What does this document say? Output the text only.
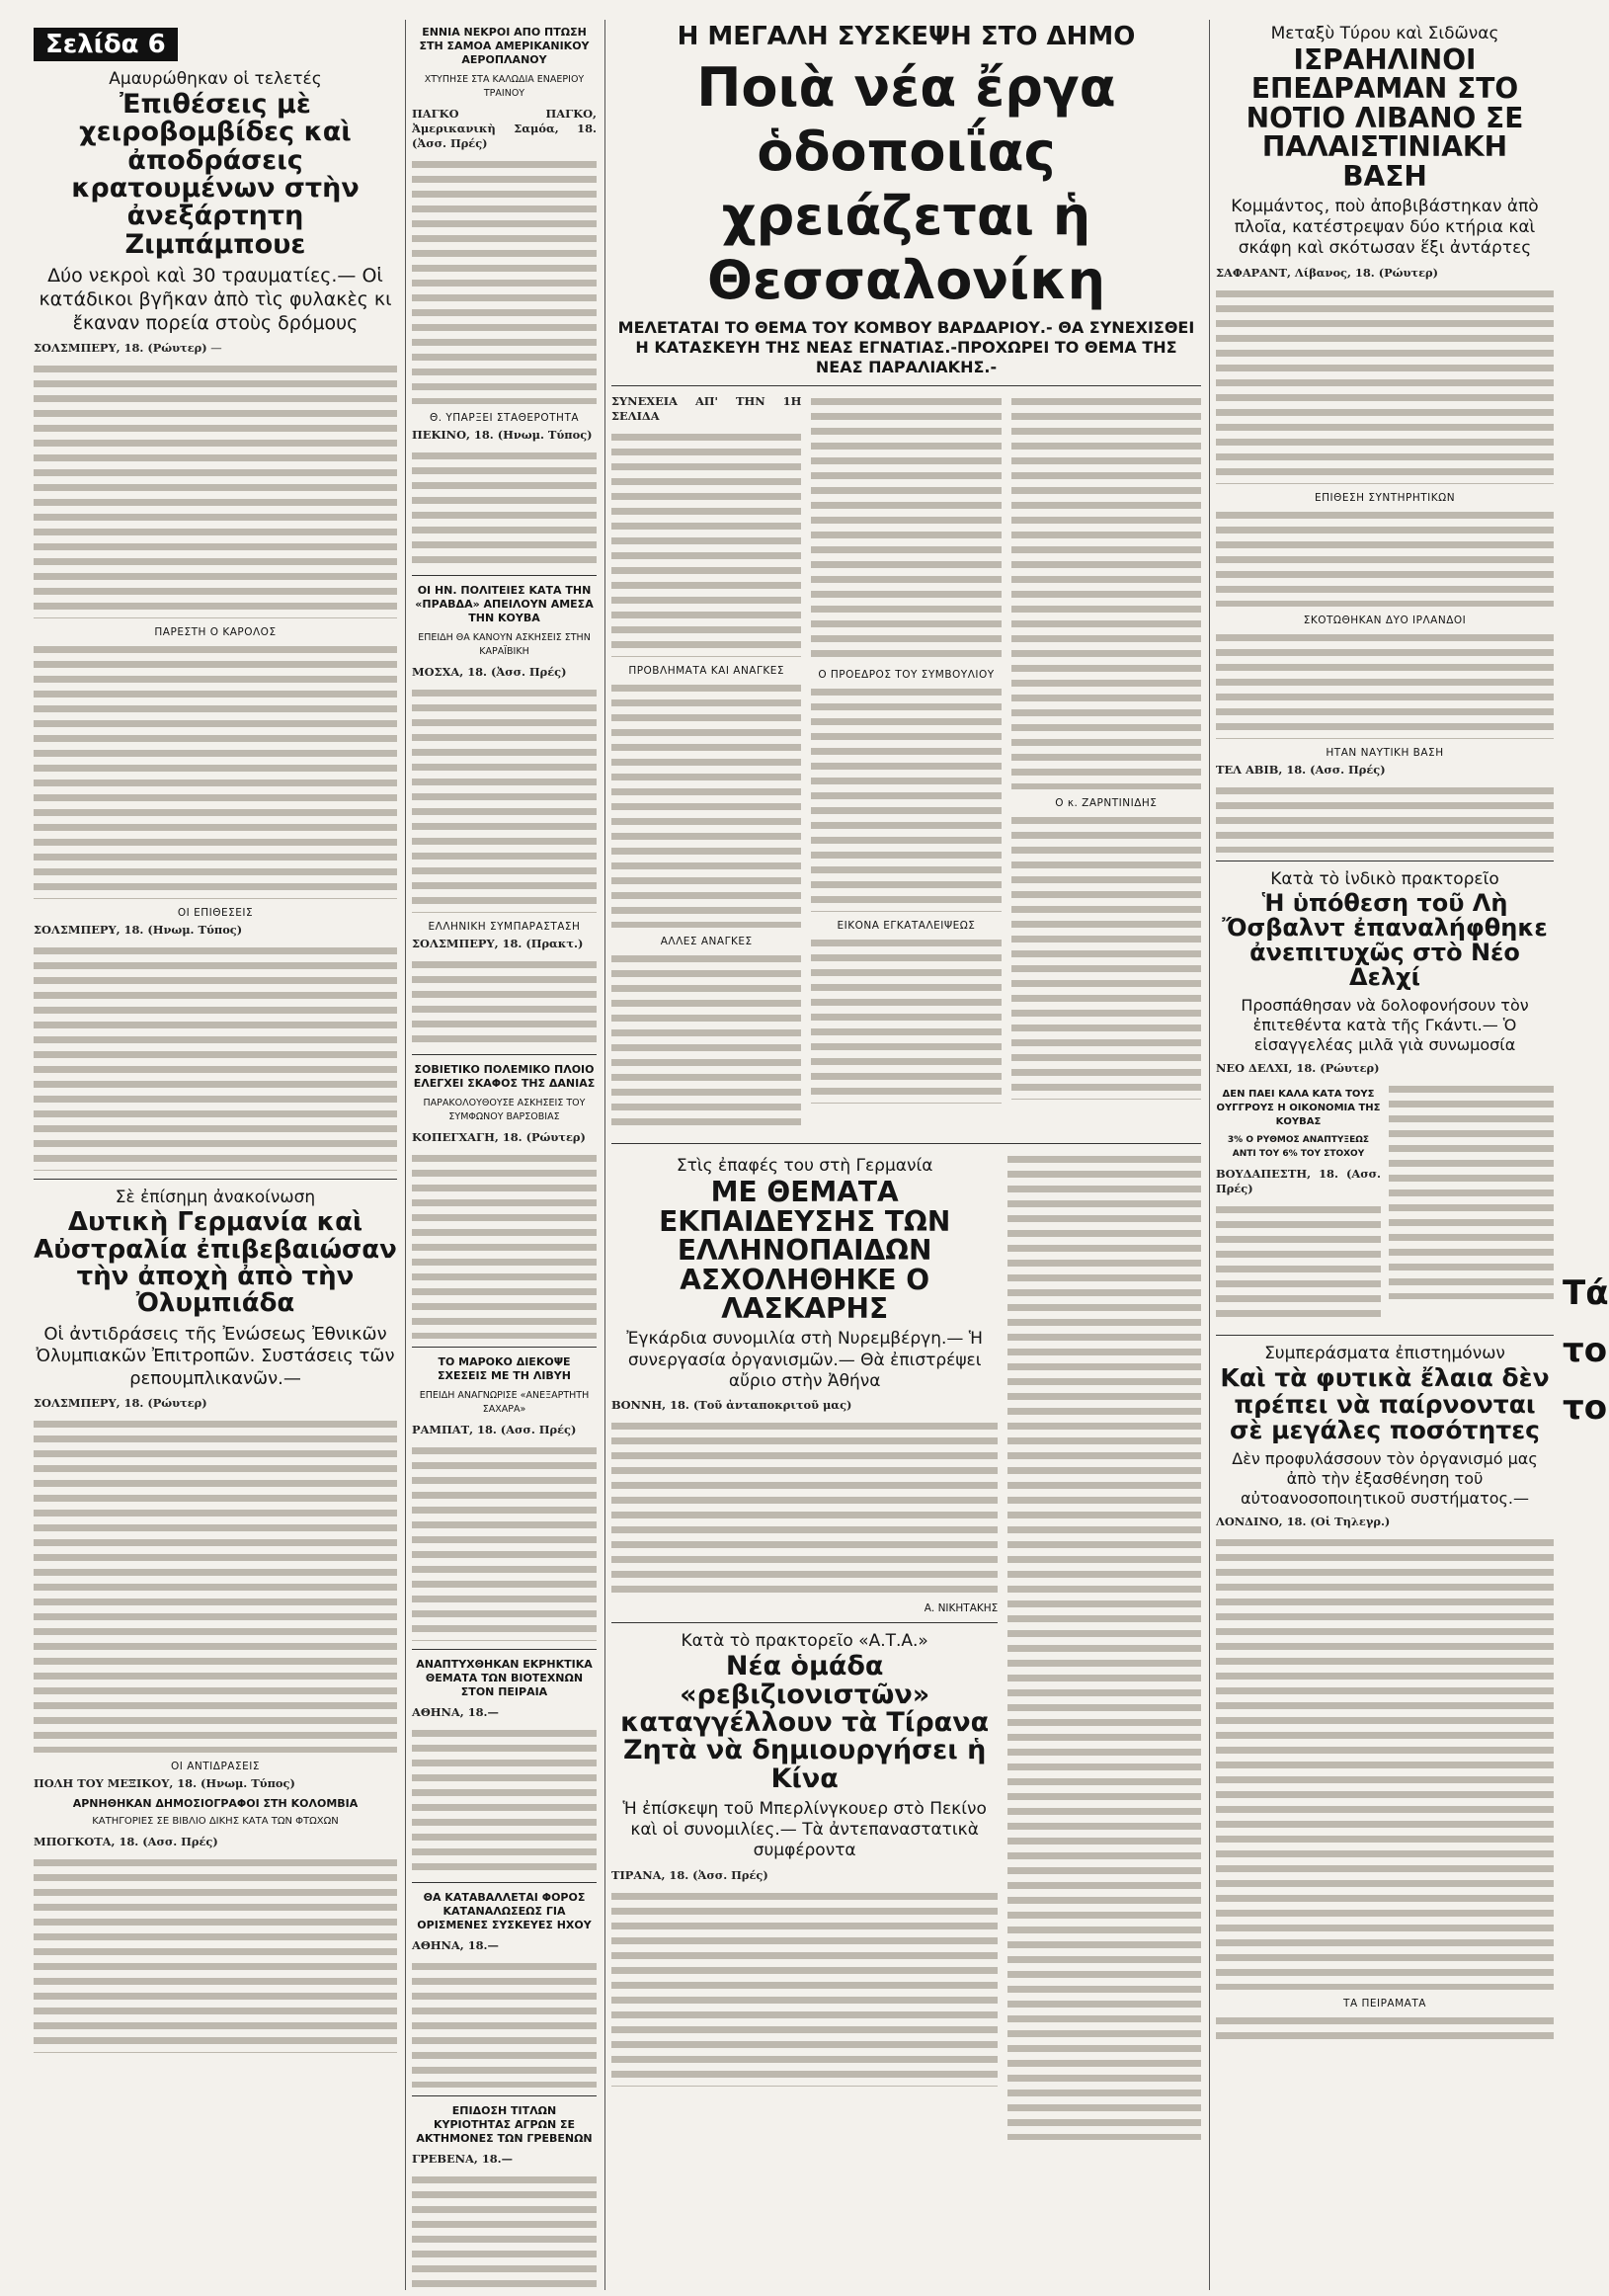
Σελίδα 6
Αμαυρώθηκαν οἱ τελετές
Ἐπιθέσεις μὲ χειροβομβίδες καὶ ἀποδράσεις κρατουμένων στὴν ἀνεξάρτητη Ζιμπάμπουε
Δύο νεκροὶ καὶ 30 τραυματίες.— Οἱ κατάδικοι βγῆκαν ἀπὸ τὶς φυλακὲς κι ἔκαναν πορεία στοὺς δρόμους

ΣΟΛΣΜΠΕΡΥ, 18. (Ρώυτερ) — ⠀

ΠΑΡΕΣΤΗ Ο ΚΑΡΟΛΟΣ

ΟΙ ΕΠΙΘΕΣΕΙΣ

ΣΟΛΣΜΠΕΡΥ, 18. (Ηνωμ. Τύπος)

Σὲ ἐπίσημη ἀνακοίνωση
Δυτικὴ Γερμανία καὶ Αὐστραλία ἐπιβεβαιώσαν τὴν ἀποχὴ ἀπὸ τὴν Ὀλυμπιάδα
Οἱ ἀντιδράσεις τῆς Ἐνώσεως Ἐθνικῶν Ὀλυμπιακῶν Ἐπιτροπῶν. Συστάσεις τῶν ρεπουμπλικανῶν.—

ΣΟΛΣΜΠΕΡΥ, 18. (Ρώυτερ)

ΟΙ ΑΝΤΙΔΡΑΣΕΙΣ

ΠΟΛΗ ΤΟΥ ΜΕΞΙΚΟΥ, 18. (Ηνωμ. Τύπος)

ΑΡΝΗΘΗΚΑΝ ΔΗΜΟΣΙΟΓΡΑΦΟΙ ΣΤΗ ΚΟΛΟΜΒΙΑ
ΚΑΤΗΓΟΡΙΕΣ ΣΕ ΒΙΒΛΙΟ ΔΙΚΗΣ ΚΑΤΑ ΤΩΝ ΦΤΩΧΩΝ

ΜΠΟΓΚΟΤΑ, 18. (Ασσ. Πρές)

ΕΝΝΙΑ ΝΕΚΡΟΙ ΑΠΟ ΠΤΩΣΗ ΣΤΗ ΣΑΜΟΑ ΑΜΕΡΙΚΑΝΙΚΟΥ ΑΕΡΟΠΛΑΝΟΥ
ΧΤΥΠΗΣΕ ΣΤΑ ΚΑΛΩΔΙΑ ΕΝΑΕΡΙΟΥ ΤΡΑΙΝΟΥ

ΠΑΓΚΟ ΠΑΓΚΟ, Ἀμερικανικὴ Σαμόα, 18. (Ἀσσ. Πρές)

Θ. ΥΠΑΡΞΕΙ ΣΤΑΘΕΡΟΤΗΤΑ

ΠΕΚΙΝΟ, 18. (Ηνωμ. Τύπος)

ΟΙ ΗΝ. ΠΟΛΙΤΕΙΕΣ ΚΑΤΑ ΤΗΝ «ΠΡΑΒΔΑ» ΑΠΕΙΛΟΥΝ ΑΜΕΣΑ ΤΗΝ ΚΟΥΒΑ
ΕΠΕΙΔΗ ΘΑ ΚΑΝΟΥΝ ΑΣΚΗΣΕΙΣ ΣΤΗΝ ΚΑΡΑΪΒΙΚΗ

ΜΟΣΧΑ, 18. (Ἀσσ. Πρές)

ΕΛΛΗΝΙΚΗ ΣΥΜΠΑΡΑΣΤΑΣΗ

ΣΟΛΣΜΠΕΡΥ, 18. (Πρακτ.)

ΣΟΒΙΕΤΙΚΟ ΠΟΛΕΜΙΚΟ ΠΛΟΙΟ ΕΛΕΓΧΕΙ ΣΚΑΦΟΣ ΤΗΣ ΔΑΝΙΑΣ
ΠΑΡΑΚΟΛΟΥΘΟΥΣΕ ΑΣΚΗΣΕΙΣ ΤΟΥ ΣΥΜΦΩΝΟΥ ΒΑΡΣΟΒΙΑΣ

ΚΟΠΕΓΧΑΓΗ, 18. (Ρώυτερ)

ΤΟ ΜΑΡΟΚΟ ΔΙΕΚΟΨΕ ΣΧΕΣΕΙΣ ΜΕ ΤΗ ΛΙΒΥΗ
ΕΠΕΙΔΗ ΑΝΑΓΝΩΡΙΣΕ «ΑΝΕΞΑΡΤΗΤΗ ΣΑΧΑΡΑ»

ΡΑΜΠΑΤ, 18. (Ασσ. Πρές)

ΑΝΑΠΤΥΧΘΗΚΑΝ ΕΚΡΗΚΤΙΚΑ ΘΕΜΑΤΑ ΤΩΝ ΒΙΟΤΕΧΝΩΝ ΣΤΟΝ ΠΕΙΡΑΙΑ

ΑΘΗΝΑ, 18.—

ΘΑ ΚΑΤΑΒΑΛΛΕΤΑΙ ΦΟΡΟΣ ΚΑΤΑΝΑΛΩΣΕΩΣ ΓΙΑ ΟΡΙΣΜΕΝΕΣ ΣΥΣΚΕΥΕΣ ΗΧΟΥ

ΑΘΗΝΑ, 18.—

ΕΠΙΔΟΣΗ ΤΙΤΛΩΝ ΚΥΡΙΟΤΗΤΑΣ ΑΓΡΩΝ ΣΕ ΑΚΤΗΜΟΝΕΣ ΤΩΝ ΓΡΕΒΕΝΩΝ

ΓΡΕΒΕΝΑ, 18.—

Η ΜΕΓΑΛΗ ΣΥΣΚΕΨΗ ΣΤΟ ΔΗΜΟ
Ποιὰ νέα ἔργα ὁδοποιΐας χρειάζεται ἡ Θεσσαλονίκη
ΜΕΛΕΤΑΤΑΙ ΤΟ ΘΕΜΑ ΤΟΥ ΚΟΜΒΟΥ ΒΑΡΔΑΡΙΟΥ.- ΘΑ ΣΥΝΕΧΙΣΘΕΙ Η ΚΑΤΑΣΚΕΥΗ ΤΗΣ ΝΕΑΣ ΕΓΝΑΤΙΑΣ.-ΠΡΟΧΩΡΕΙ ΤΟ ΘΕΜΑ ΤΗΣ ΝΕΑΣ ΠΑΡΑΛΙΑΚΗΣ.-

ΣΥΝΕΧΕΙΑ ΑΠ' ΤΗΝ 1Η ΣΕΛΙΔΑ

ΠΡΟΒΛΗΜΑΤΑ ΚΑΙ ΑΝΑΓΚΕΣ

ΑΛΛΕΣ ΑΝΑΓΚΕΣ

Ο ΠΡΟΕΔΡΟΣ ΤΟΥ ΣΥΜΒΟΥΛΙΟΥ

ΕΙΚΟΝΑ ΕΓΚΑΤΑΛΕΙΨΕΩΣ

Ο κ. ΖΑΡΝΤΙΝΙΔΗΣ

Στὶς ἐπαφές του στὴ Γερμανία
ΜΕ ΘΕΜΑΤΑ ΕΚΠΑΙΔΕΥΣΗΣ ΤΩΝ ΕΛΛΗΝΟΠΑΙΔΩΝ ΑΣΧΟΛΗΘΗΚΕ Ο ΛΑΣΚΑΡΗΣ
Ἐγκάρδια συνομιλία στὴ Νυρεμβέργη.— Ἡ συνεργασία ὀργανισμῶν.— Θὰ ἐπιστρέψει αὔριο στὴν Ἀθήνα

ΒΟΝΝΗ, 18. (Τοῦ ἀνταποκριτοῦ μας)

Α. ΝΙΚΗΤΑΚΗΣ
Κατὰ τὸ πρακτορεῖο «Α.Τ.Α.»
Νέα ὁμάδα «ρεβιζιονιστῶν» καταγγέλλουν τὰ Τίρανα Ζητὰ νὰ δημιουργήσει ἡ Κίνα
Ἡ ἐπίσκεψη τοῦ Μπερλίνγκουερ στὸ Πεκίνο καὶ οἱ συνομιλίες.— Τὰ ἀντεπαναστατικὰ συμφέροντα

ΤΙΡΑΝΑ, 18. (Ἀσσ. Πρές)

Μεταξὺ Τύρου καὶ Σιδῶνας
ΙΣΡΑΗΛΙΝΟΙ ΕΠΕΔΡΑΜΑΝ ΣΤΟ ΝΟΤΙΟ ΛΙΒΑΝΟ ΣΕ ΠΑΛΑΙΣΤΙΝΙΑΚΗ ΒΑΣΗ
Κομμάντος, ποὺ ἀποβιβάστηκαν ἀπὸ πλοῖα, κατέστρεψαν δύο κτήρια καὶ σκάφη καὶ σκότωσαν ἕξι ἀντάρτες

ΣΑΦΑΡΑΝΤ, Λίβανος, 18. (Ρώυτερ)

ΕΠΙΘΕΣΗ ΣΥΝΤΗΡΗΤΙΚΩΝ

ΣΚΟΤΩΘΗΚΑΝ ΔΥΟ ΙΡΛΑΝΔΟΙ

ΗΤΑΝ ΝΑΥΤΙΚΗ ΒΑΣΗ

ΤΕΛ ΑΒΙΒ, 18. (Ασσ. Πρές)

Κατὰ τὸ ἰνδικὸ πρακτορεῖο
Ἡ ὑπόθεση τοῦ Λὴ Ὄσβαλντ ἐπαναλήφθηκε ἀνεπιτυχῶς στὸ Νέο Δελχί
Προσπάθησαν νὰ δολοφονήσουν τὸν ἐπιτεθέντα κατὰ τῆς Γκάντι.— Ὁ εἰσαγγελέας μιλᾶ γιὰ συνωμοσία

ΝΕΟ ΔΕΛΧΙ, 18. (Ρώυτερ)

ΔΕΝ ΠΑΕΙ ΚΑΛΑ ΚΑΤΑ ΤΟΥΣ ΟΥΓΓΡΟΥΣ Η ΟΙΚΟΝΟΜΙΑ ΤΗΣ ΚΟΥΒΑΣ
3% Ο ΡΥΘΜΟΣ ΑΝΑΠΤΥΞΕΩΣ ΑΝΤΙ ΤΟΥ 6% ΤΟΥ ΣΤΟΧΟΥ

ΒΟΥΔΑΠΕΣΤΗ, 18. (Ασσ. Πρές)

Συμπεράσματα ἐπιστημόνων
Καὶ τὰ φυτικὰ ἔλαια δὲν πρέπει νὰ παίρνονται σὲ μεγάλες ποσότητες
Δὲν προφυλάσσουν τὸν ὀργανισμό μας ἀπὸ τὴν ἐξασθένηση τοῦ αὐτοανοσοποιητικοῦ συστήματος.—

ΛΟΝΔΙΝΟ, 18. (Οἱ Τηλεγρ.)

ΤΑ ΠΕΙΡΑΜΑΤΑ

Τά
το
το
